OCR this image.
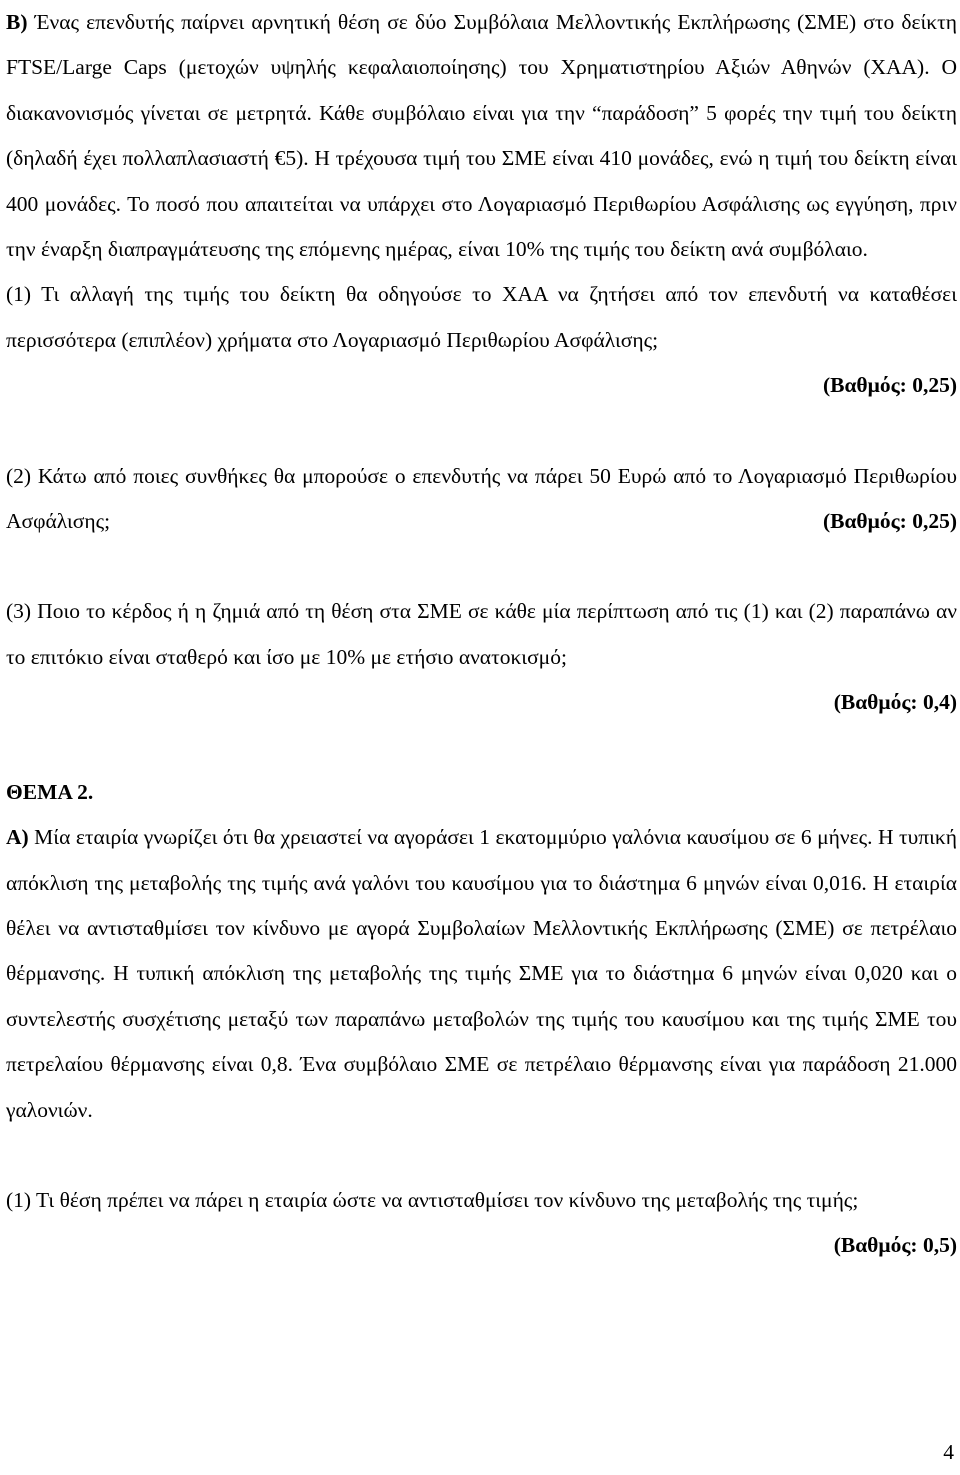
B) Ένας επενδυτής παίρνει αρνητική θέση σε δύο Συμβόλαια Μελλοντικής Εκπλήρωσης (ΣΜΕ) στο δείκτη FTSE/Large Caps (μετοχών υψηλής κεφαλαιοποίησης) του Χρηματιστηρίου Αξιών Αθηνών (ΧΑΑ). Ο διακανονισμός γίνεται σε μετρητά. Κάθε συμβόλαιο είναι για την “παράδοση” 5 φορές την τιμή του δείκτη (δηλαδή έχει πολλαπλασιαστή €5). Η τρέχουσα τιμή του ΣΜΕ είναι 410 μονάδες, ενώ η τιμή του δείκτη είναι 400 μονάδες. Το ποσό που απαιτείται να υπάρχει στο Λογαριασμό Περιθωρίου Ασφάλισης ως εγγύηση, πριν την έναρξη διαπραγμάτευσης της επόμενης ημέρας, είναι 10% της τιμής του δείκτη ανά συμβόλαιο.

(1) Τι αλλαγή της τιμής του δείκτη θα οδηγούσε το ΧΑΑ να ζητήσει από τον επενδυτή να καταθέσει περισσότερα (επιπλέον) χρήματα στο Λογαριασμό Περιθωρίου Ασφάλισης;

(Βαθμός: 0,25)

(2) Κάτω από ποιες συνθήκες θα μπορούσε ο επενδυτής να πάρει 50 Ευρώ από το Λογαριασμό Περιθωρίου Ασφάλισης;	(Βαθμός: 0,25)

(3) Ποιο το κέρδος ή η ζημιά από τη θέση στα ΣΜΕ σε κάθε μία περίπτωση από τις (1) και (2) παραπάνω αν το επιτόκιο είναι σταθερό και ίσο με 10% με ετήσιο ανατοκισμό;

(Βαθμός: 0,4)

ΘΕΜΑ 2.

A) Μία εταιρία γνωρίζει ότι θα χρειαστεί να αγοράσει 1 εκατομμύριο γαλόνια καυσίμου σε 6 μήνες. Η τυπική απόκλιση της μεταβολής της τιμής ανά γαλόνι του καυσίμου για το διάστημα 6 μηνών είναι 0,016. Η εταιρία θέλει να αντισταθμίσει τον κίνδυνο με αγορά Συμβολαίων Μελλοντικής Εκπλήρωσης (ΣΜΕ) σε πετρέλαιο θέρμανσης. Η τυπική απόκλιση της μεταβολής της τιμής ΣΜΕ για το διάστημα 6 μηνών είναι 0,020 και ο συντελεστής συσχέτισης μεταξύ των παραπάνω μεταβολών της τιμής του καυσίμου και της τιμής ΣΜΕ του πετρελαίου θέρμανσης είναι 0,8. Ένα συμβόλαιο ΣΜΕ σε πετρέλαιο θέρμανσης είναι για παράδοση 21.000 γαλονιών.

(1) Τι θέση πρέπει να πάρει η εταιρία ώστε να αντισταθμίσει τον κίνδυνο της μεταβολής της τιμής;
(Βαθμός: 0,5)

4
